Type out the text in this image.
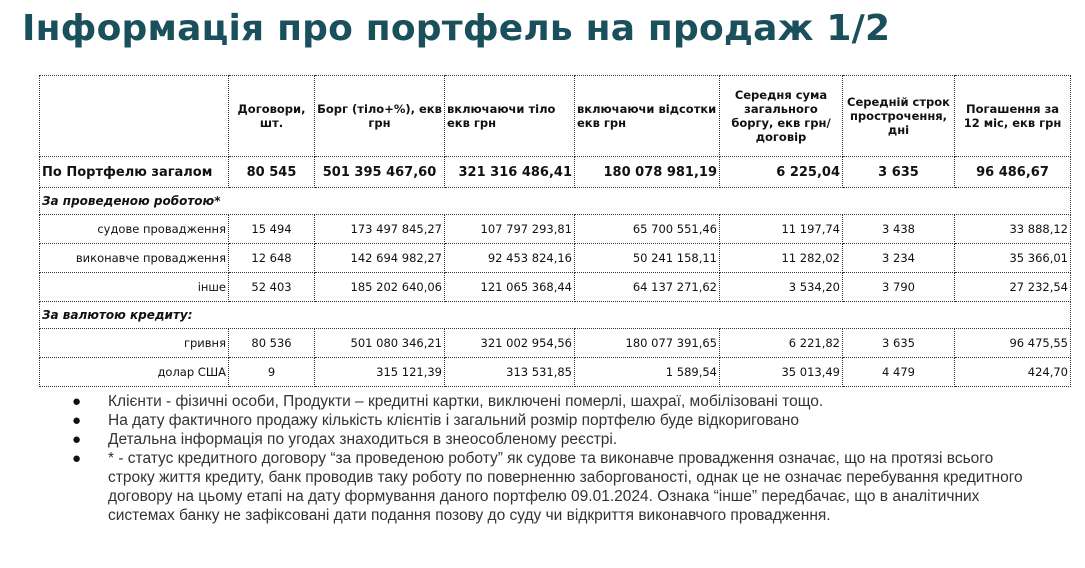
Інформація про портфель на продаж 1/2
	Договори, шт.	Борг (тіло+%), екв грн	включаючи тіло екв грн	включаючи відсотки екв грн	Середня сума загального боргу, екв грн/договір	Середній строк прострочення, дні	Погашення за 12 міс, екв грн
По Портфелю загалом	80 545	501 395 467,60	321 316 486,41	180 078 981,19	6 225,04	3 635	96 486,67
За проведеною роботою*							
судове провадження	15 494	173 497 845,27	107 797 293,81	65 700 551,46	11 197,74	3 438	33 888,12
виконавче провадження	12 648	142 694 982,27	92 453 824,16	50 241 158,11	11 282,02	3 234	35 366,01
інше	52 403	185 202 640,06	121 065 368,44	64 137 271,62	3 534,20	3 790	27 232,54
За валютою кредиту:							
гривня	80 536	501 080 346,21	321 002 954,56	180 077 391,65	6 221,82	3 635	96 475,55
долар США	9	315 121,39	313 531,85	1 589,54	35 013,49	4 479	424,70
● Клієнти - фізичні особи, Продукти – кредитні картки, виключені померлі, шахраї, мобілізовані тощо.
● На дату фактичного продажу кількість клієнтів і загальний розмір портфелю буде відкориговано
● Детальна інформація по угодах знаходиться в знеособленому реєстрі.
● * - статус кредитного договору “за проведеною роботу” як судове та виконавче провадження означає, що на протязі всього строку життя кредиту, банк проводив таку роботу по поверненню заборгованості, однак це не означає перебування кредитного договору на цьому етапі на дату формування даного портфелю 09.01.2024. Ознака “інше” передбачає, що в аналітичних системах банку не зафіксовані дати подання позову до суду чи відкриття виконавчого провадження.
